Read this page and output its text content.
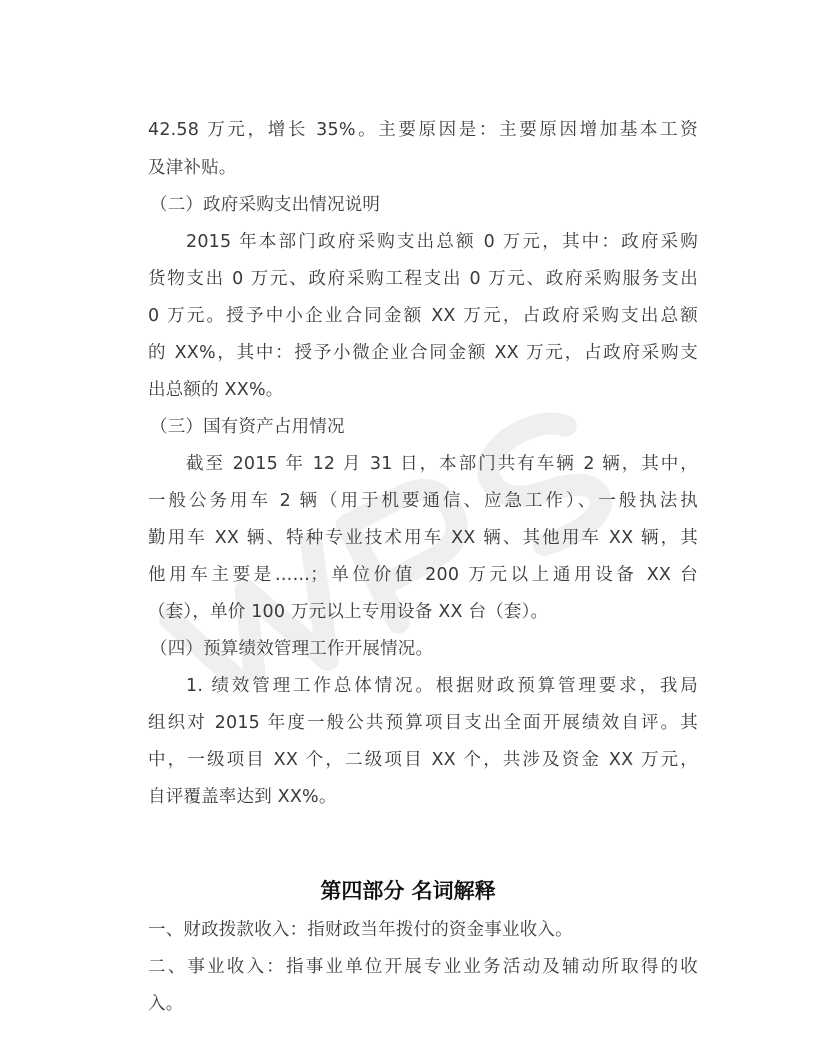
42.58 万元，增长 35%。主要原因是：主要原因增加基本工资
及津补贴。
（二）政府采购支出情况说明
2015 年本部门政府采购支出总额 0 万元，其中：政府采购
货物支出 0 万元、政府采购工程支出 0 万元、政府采购服务支出
0 万元。授予中小企业合同金额 XX 万元，占政府采购支出总额
的 XX%，其中：授予小微企业合同金额 XX 万元，占政府采购支
出总额的 XX%。
（三）国有资产占用情况
截至 2015 年 12 月 31 日，本部门共有车辆 2 辆，其中，
一般公务用车 2 辆（用于机要通信、应急工作）、一般执法执
勤用车 XX 辆、特种专业技术用车 XX 辆、其他用车 XX 辆，其
他用车主要是……；单位价值 200 万元以上通用设备 XX 台
（套），单价 100 万元以上专用设备 XX 台（套）。
（四）预算绩效管理工作开展情况。
1. 绩效管理工作总体情况。根据财政预算管理要求，我局
组织对 2015 年度一般公共预算项目支出全面开展绩效自评。其
中，一级项目 XX 个，二级项目 XX 个，共涉及资金 XX 万元，
自评覆盖率达到 XX%。
第四部分 名词解释
一、财政拨款收入：指财政当年拨付的资金事业收入。
二、事业收入：指事业单位开展专业业务活动及辅动所取得的收
入。
